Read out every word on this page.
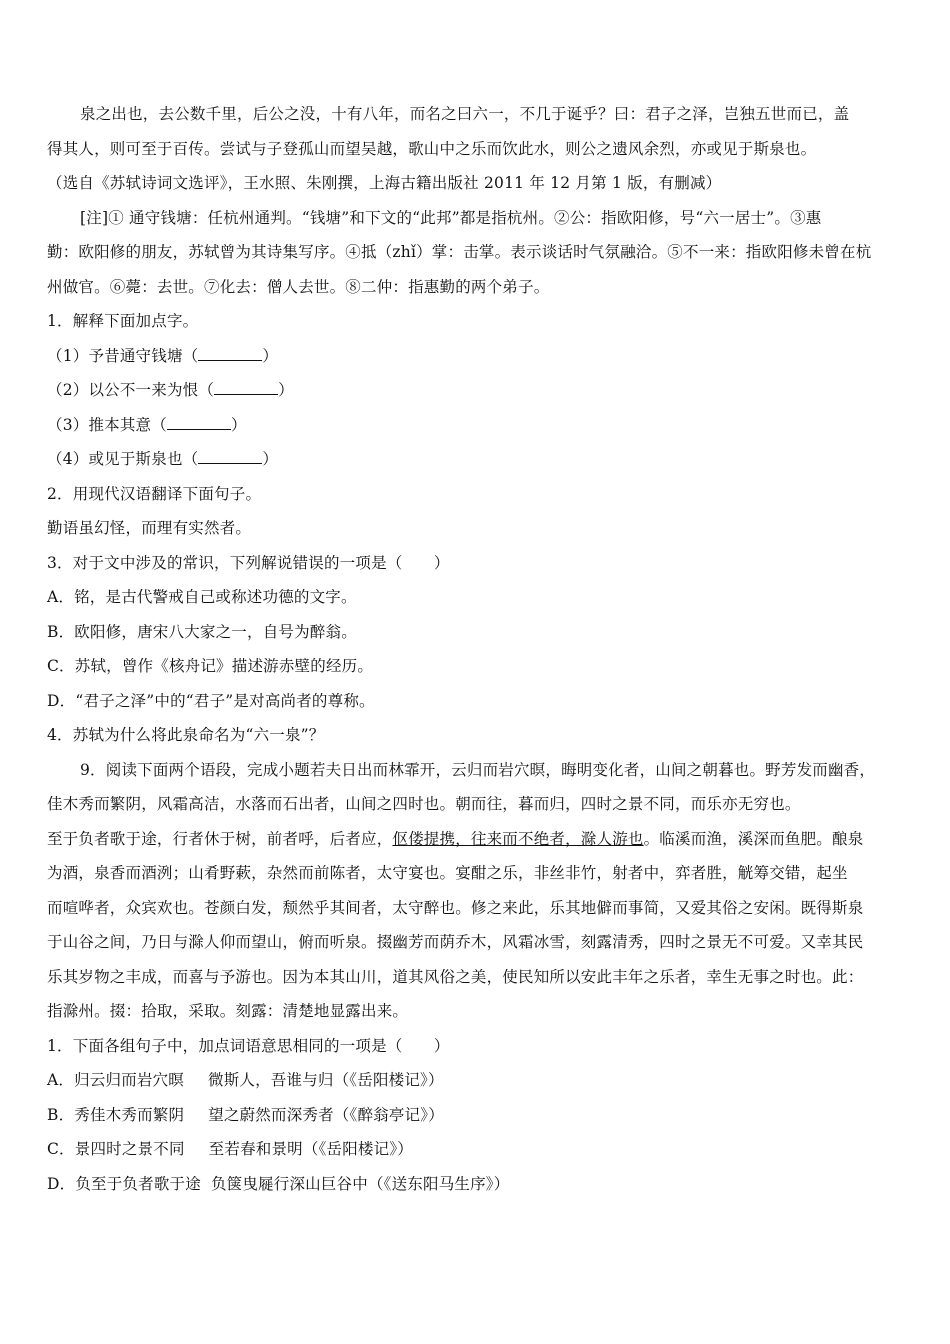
泉之出也，去公数千里，后公之没，十有八年，而名之曰六一，不几于诞乎？曰：君子之泽，岂独五世而已，盖
得其人，则可至于百传。尝试与子登孤山而望吴越，歌山中之乐而饮此水，则公之遗风余烈，亦或见于斯泉也。
（选自《苏轼诗词文选评》，王水照、朱刚撰，上海古籍出版社 2011 年 12 月第 1 版，有删减）
[注]① 通守钱塘：任杭州通判。“钱塘”和下文的“此邦”都是指杭州。②公：指欧阳修，号“六一居士”。③惠
勤：欧阳修的朋友，苏轼曾为其诗集写序。④抵（zhǐ）掌：击掌。表示谈话时气氛融洽。⑤不一来：指欧阳修未曾在杭
州做官。⑥薨：去世。⑦化去：僧人去世。⑧二仲：指惠勤的两个弟子。
1．解释下面加点字。
（1）予昔通守钱塘（	）
（2）以公不一来为恨（	）
（3）推本其意（	）
（4）或见于斯泉也（	）
2．用现代汉语翻译下面句子。
勤语虽幻怪，而理有实然者。
3．对于文中涉及的常识，下列解说错误的一项是（　　）
A．铭，是古代警戒自己或称述功德的文字。
B．欧阳修，唐宋八大家之一，自号为醉翁。
C．苏轼，曾作《核舟记》描述游赤壁的经历。
D．“君子之泽”中的“君子”是对高尚者的尊称。
4．苏轼为什么将此泉命名为“六一泉”？
9．阅读下面两个语段，完成小题若夫日出而林霏开，云归而岩穴暝，晦明变化者，山间之朝暮也。野芳发而幽香，
佳木秀而繁阴，风霜高洁，水落而石出者，山间之四时也。朝而往，暮而归，四时之景不同，而乐亦无穷也。
至于负者歌于途，行者休于树，前者呼，后者应，伛偻提携，往来而不绝者，滁人游也。临溪而渔，溪深而鱼肥。酿泉
为酒，泉香而酒洌；山肴野蔌，杂然而前陈者，太守宴也。宴酣之乐，非丝非竹，射者中，弈者胜，觥筹交错，起坐
而喧哗者，众宾欢也。苍颜白发，颓然乎其间者，太守醉也。修之来此，乐其地僻而事简，又爱其俗之安闲。既得斯泉
于山谷之间，乃日与滁人仰而望山，俯而听泉。掇幽芳而荫乔木，风霜冰雪，刻露清秀，四时之景无不可爱。又幸其民
乐其岁物之丰成，而喜与予游也。因为本其山川，道其风俗之美，使民知所以安此丰年之乐者，幸生无事之时也。此：
指滁州。掇：拾取，采取。刻露：清楚地显露出来。
1．下面各组句子中，加点词语意思相同的一项是（　　）
A．归云归而岩穴暝 微斯人，吾谁与归（《岳阳楼记》）
B．秀佳木秀而繁阴 望之蔚然而深秀者（《醉翁亭记》）
C．景四时之景不同 至若春和景明（《岳阳楼记》）
D．负至于负者歌于途 负箧曳屣行深山巨谷中（《送东阳马生序》）
